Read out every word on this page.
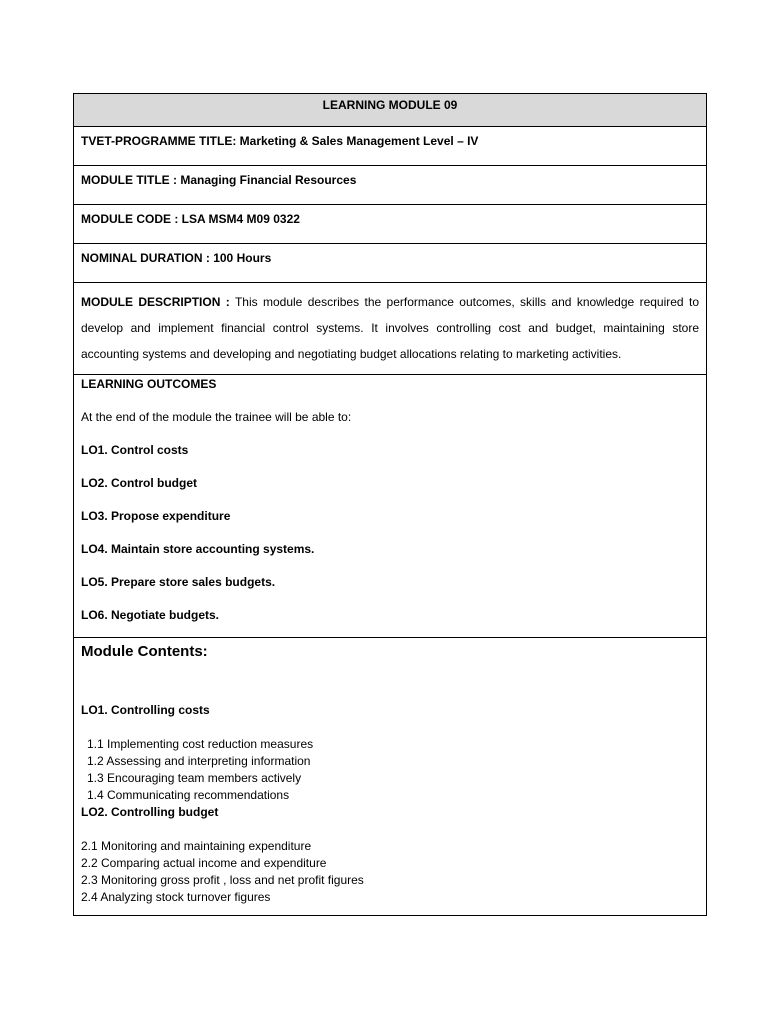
LEARNING MODULE 09
TVET-PROGRAMME TITLE: Marketing & Sales Management Level – IV
MODULE TITLE : Managing Financial Resources
MODULE CODE : LSA MSM4 M09 0322
NOMINAL DURATION : 100 Hours
MODULE DESCRIPTION : This module describes the performance outcomes, skills and knowledge required to develop and implement financial control systems. It involves controlling cost and budget, maintaining store accounting systems and developing and negotiating budget allocations relating to marketing activities.
LEARNING OUTCOMES
At the end of the module the trainee will be able to:
LO1. Control costs
LO2. Control budget
LO3. Propose expenditure
LO4. Maintain store accounting systems.
LO5. Prepare store sales budgets.
LO6. Negotiate budgets.
Module Contents:
LO1. Controlling costs
1.1 Implementing cost reduction measures
1.2 Assessing and interpreting information
1.3 Encouraging team members actively
1.4 Communicating recommendations
LO2. Controlling budget
2.1 Monitoring and maintaining expenditure
2.2 Comparing actual income and expenditure
2.3 Monitoring gross profit , loss and net profit figures
2.4 Analyzing stock turnover figures
